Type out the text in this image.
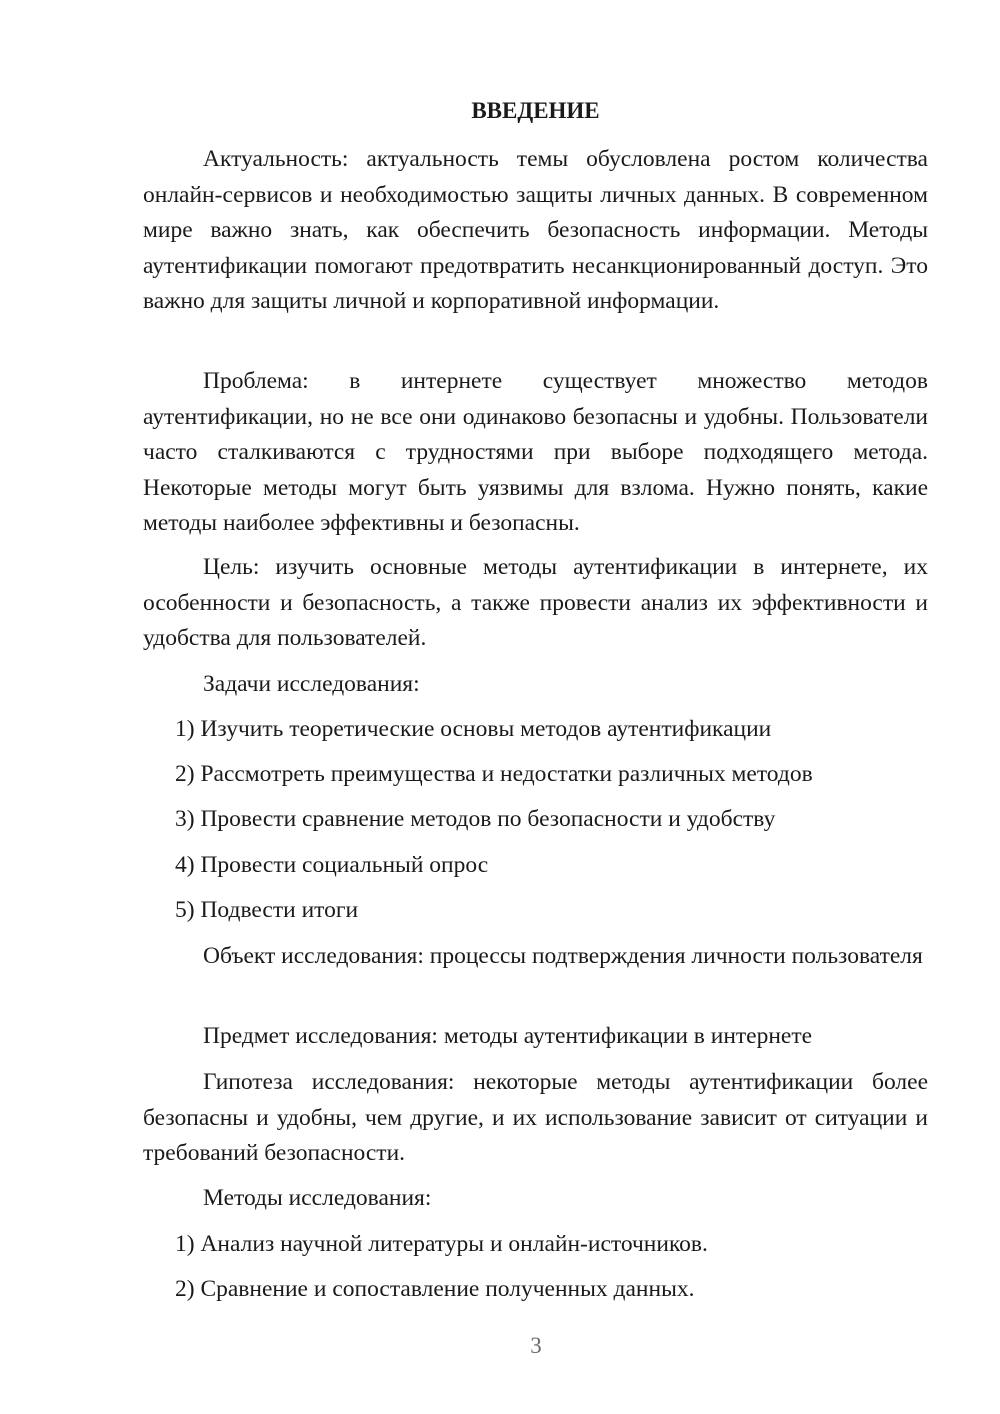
ВВЕДЕНИЕ

Актуальность: актуальность темы обусловлена ростом количества онлайн-сервисов и необходимостью защиты личных данных. В современном мире важно знать, как обеспечить безопасность информации. Методы аутентификации помогают предотвратить несанкционированный доступ. Это важно для защиты личной и корпоративной информации.

Проблема: в интернете существует множество методов аутентификации, но не все они одинаково безопасны и удобны. Пользователи часто сталкиваются с трудностями при выборе подходящего метода. Некоторые методы могут быть уязвимы для взлома. Нужно понять, какие методы наиболее эффективны и безопасны.

Цель: изучить основные методы аутентификации в интернете, их особенности и безопасность, а также провести анализ их эффективности и удобства для пользователей.

Задачи исследования:

1) Изучить теоретические основы методов аутентификации

2) Рассмотреть преимущества и недостатки различных методов

3) Провести сравнение методов по безопасности и удобству

4) Провести социальный опрос

5) Подвести итоги

Объект исследования: процессы подтверждения личности пользователя

Предмет исследования: методы аутентификации в интернете

Гипотеза исследования: некоторые методы аутентификации более безопасны и удобны, чем другие, и их использование зависит от ситуации и требований безопасности.

Методы исследования:

1) Анализ научной литературы и онлайн-источников.

2) Сравнение и сопоставление полученных данных.

3
